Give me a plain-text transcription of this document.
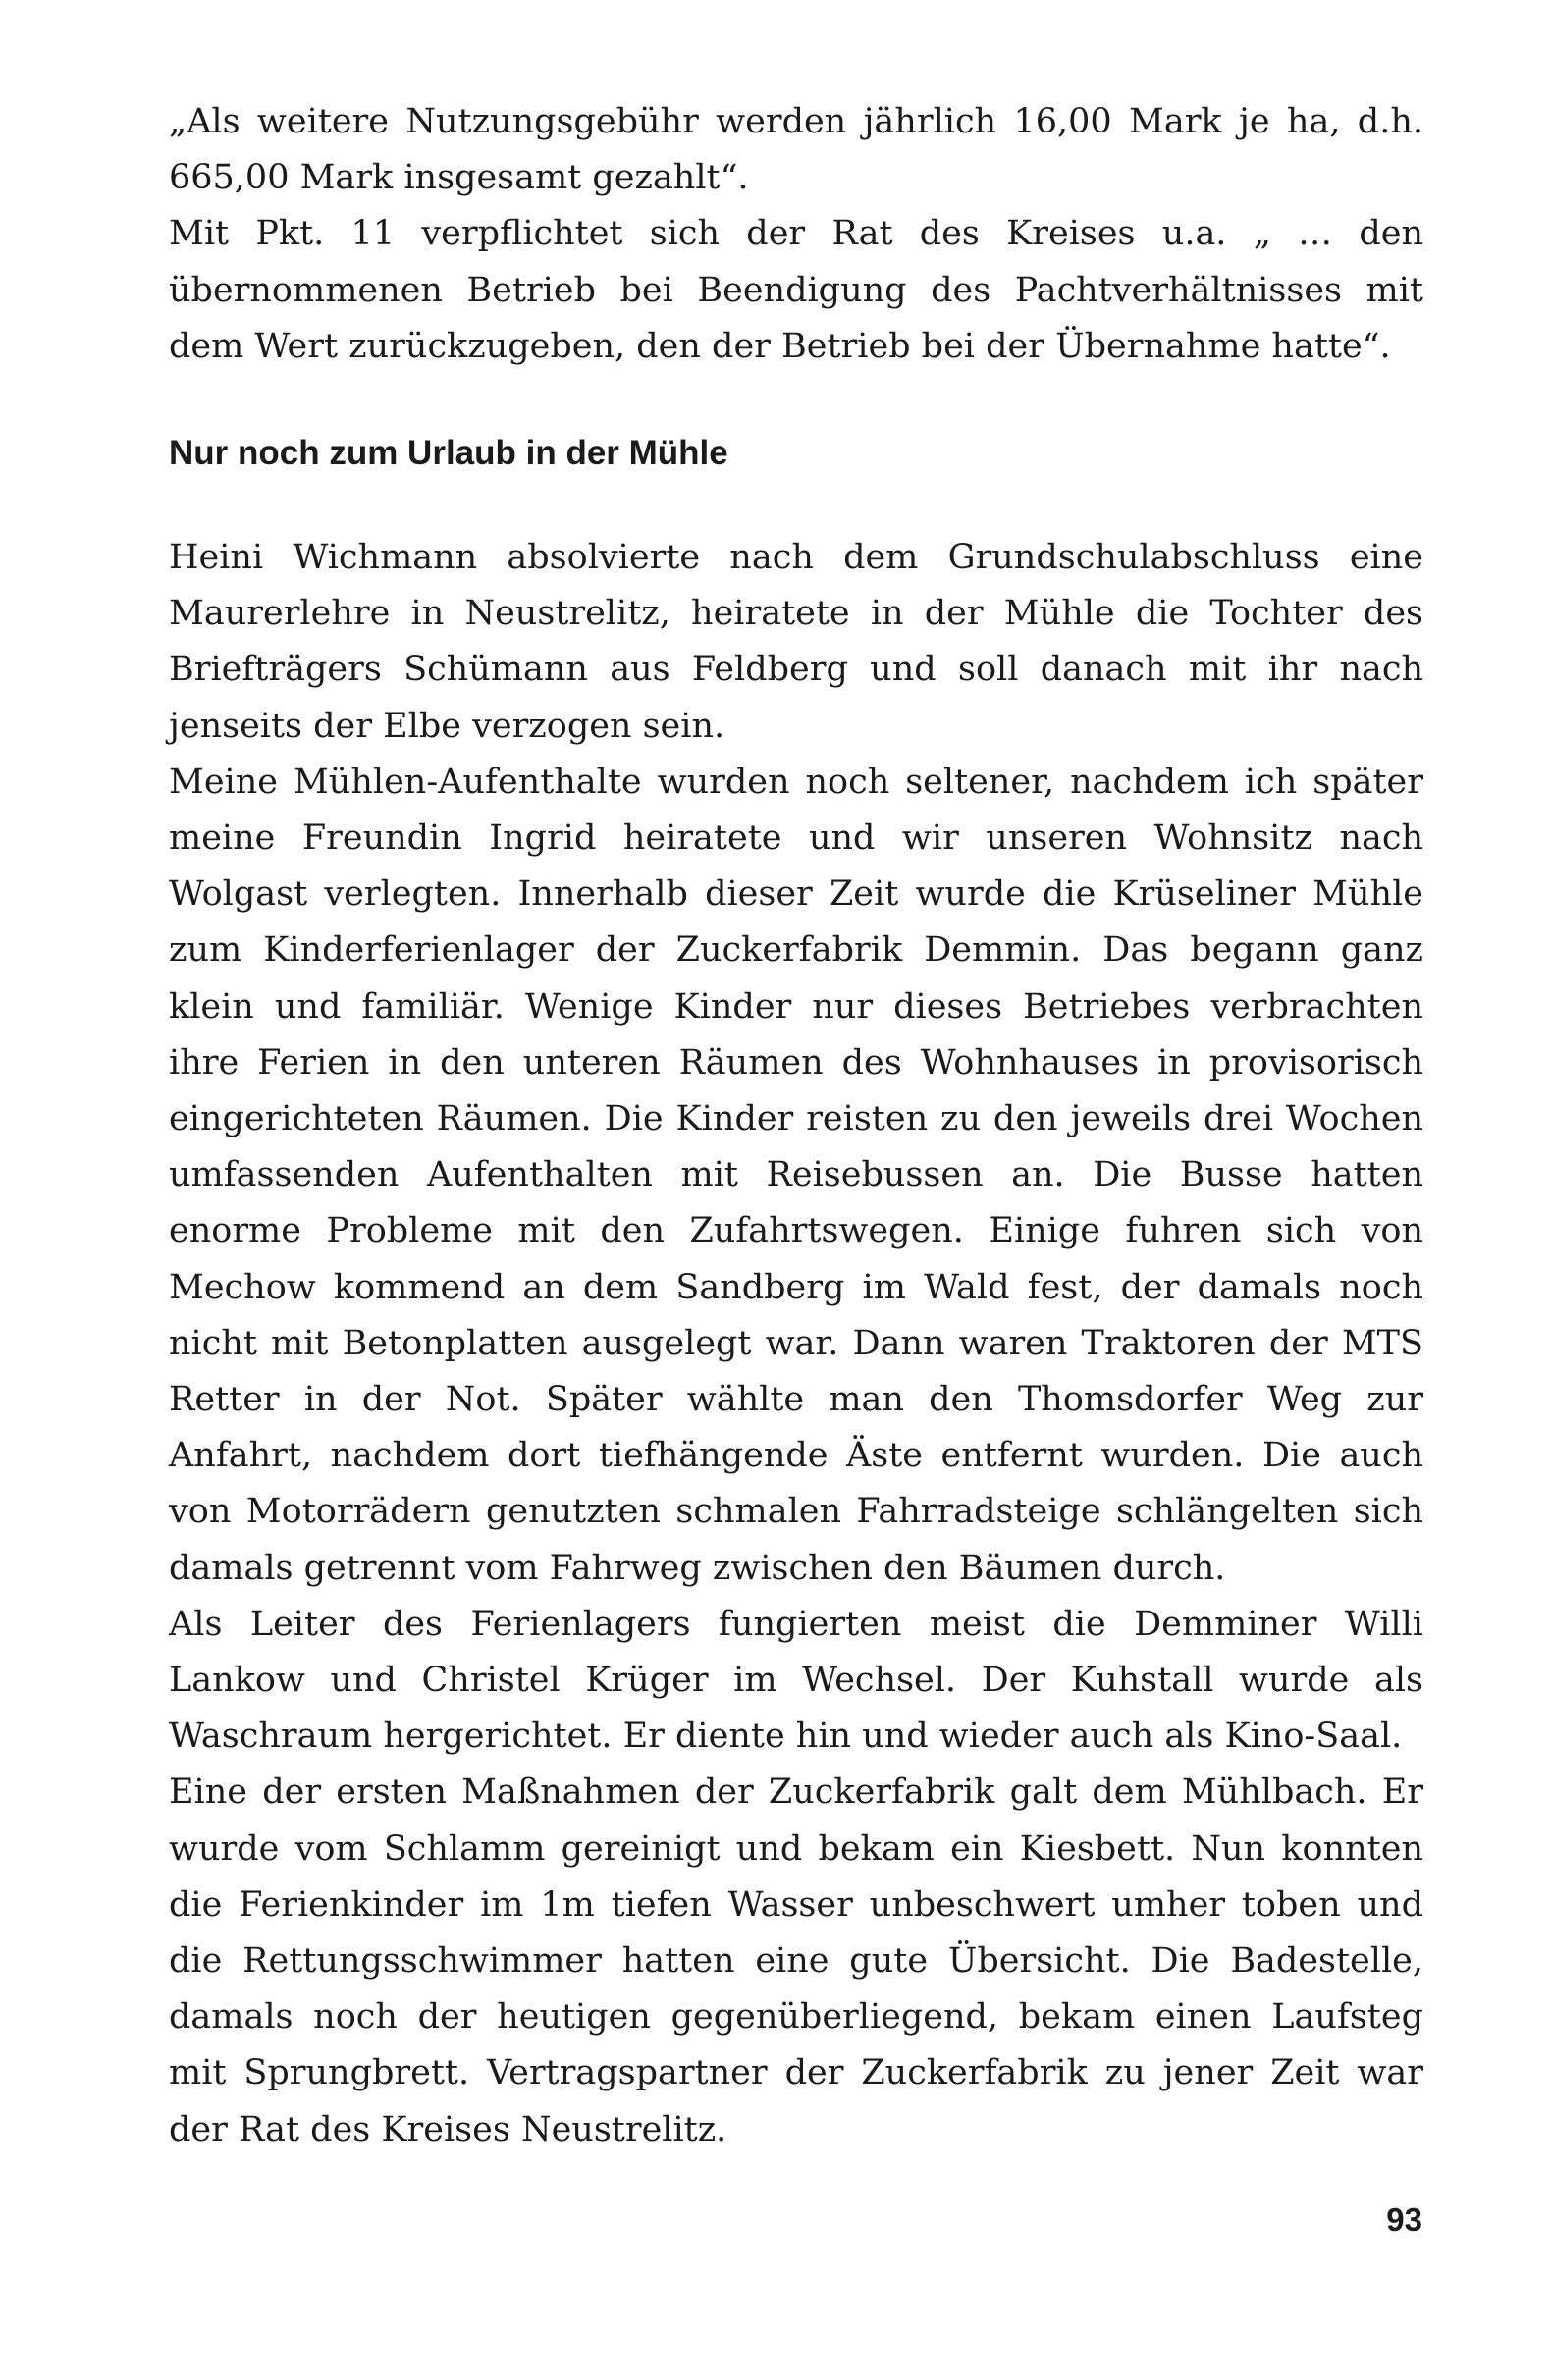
„Als weitere Nutzungsgebühr werden jährlich 16,00 Mark je ha, d.h. 665,00 Mark insgesamt gezahlt“.

Mit Pkt. 11 verpflichtet sich der Rat des Kreises u.a. „ … den übernommenen Betrieb bei Beendigung des Pachtverhältnisses mit dem Wert zurückzugeben, den der Betrieb bei der Übernahme hatte“.

Nur noch zum Urlaub in der Mühle

Heini Wichmann absolvierte nach dem Grundschulabschluss eine Maurerlehre in Neustrelitz, heiratete in der Mühle die Tochter des Briefträgers Schümann aus Feldberg und soll danach mit ihr nach jenseits der Elbe verzogen sein.

Meine Mühlen-Aufenthalte wurden noch seltener, nachdem ich später meine Freundin Ingrid heiratete und wir unseren Wohnsitz nach Wolgast verlegten. Innerhalb dieser Zeit wurde die Krüseliner Mühle zum Kinderferienlager der Zuckerfabrik Demmin. Das begann ganz klein und familiär. Wenige Kinder nur dieses Betriebes verbrachten ihre Ferien in den unteren Räumen des Wohnhauses in provisorisch eingerichteten Räumen. Die Kinder reisten zu den jeweils drei Wochen umfassenden Aufenthalten mit Reisebussen an. Die Busse hatten enorme Probleme mit den Zufahrtswegen. Einige fuhren sich von Mechow kommend an dem Sandberg im Wald fest, der damals noch nicht mit Betonplatten ausgelegt war. Dann waren Traktoren der MTS Retter in der Not. Später wählte man den Thomsdorfer Weg zur Anfahrt, nachdem dort tiefhängende Äste entfernt wurden. Die auch von Motorrädern genutzten schmalen Fahrradsteige schlängelten sich damals getrennt vom Fahrweg zwischen den Bäumen durch.

Als Leiter des Ferienlagers fungierten meist die Demminer Willi Lankow und Christel Krüger im Wechsel. Der Kuhstall wurde als Waschraum hergerichtet. Er diente hin und wieder auch als Kino-Saal.

Eine der ersten Maßnahmen der Zuckerfabrik galt dem Mühlbach. Er wurde vom Schlamm gereinigt und bekam ein Kiesbett. Nun konnten die Ferienkinder im 1m tiefen Wasser unbeschwert umher toben und die Rettungsschwimmer hatten eine gute Übersicht. Die Badestelle, damals noch der heutigen gegenüberliegend, bekam einen Laufsteg mit Sprungbrett. Vertragspartner der Zuckerfabrik zu jener Zeit war der Rat des Kreises Neustrelitz.

93
